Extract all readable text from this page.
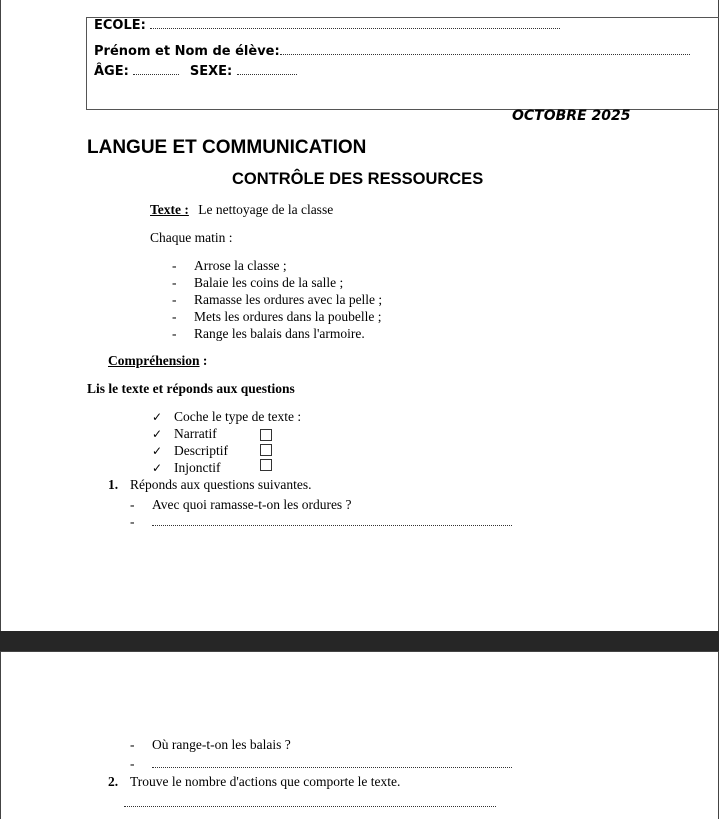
ECOLE:
Prénom et Nom de élève:
ÂGE:	SEXE:
OCTOBRE 2025
LANGUE ET COMMUNICATION
CONTRÔLE DES RESSOURCES
Texte : Le nettoyage de la classe
Chaque matin :
- Arrose la classe ;
- Balaie les coins de la salle ;
- Ramasse les ordures avec la pelle ;
- Mets les ordures dans la poubelle ;
- Range les balais dans l'armoire.
Compréhension :
Lis le texte et réponds aux questions
✓ Coche le type de texte :
✓ Narratif
✓ Descriptif
✓ Injonctif
1. Réponds aux questions suivantes.
- Avec quoi ramasse-t-on les ordures ?
-
- Où range-t-on les balais ?
-
2. Trouve le nombre d'actions que comporte le texte.
